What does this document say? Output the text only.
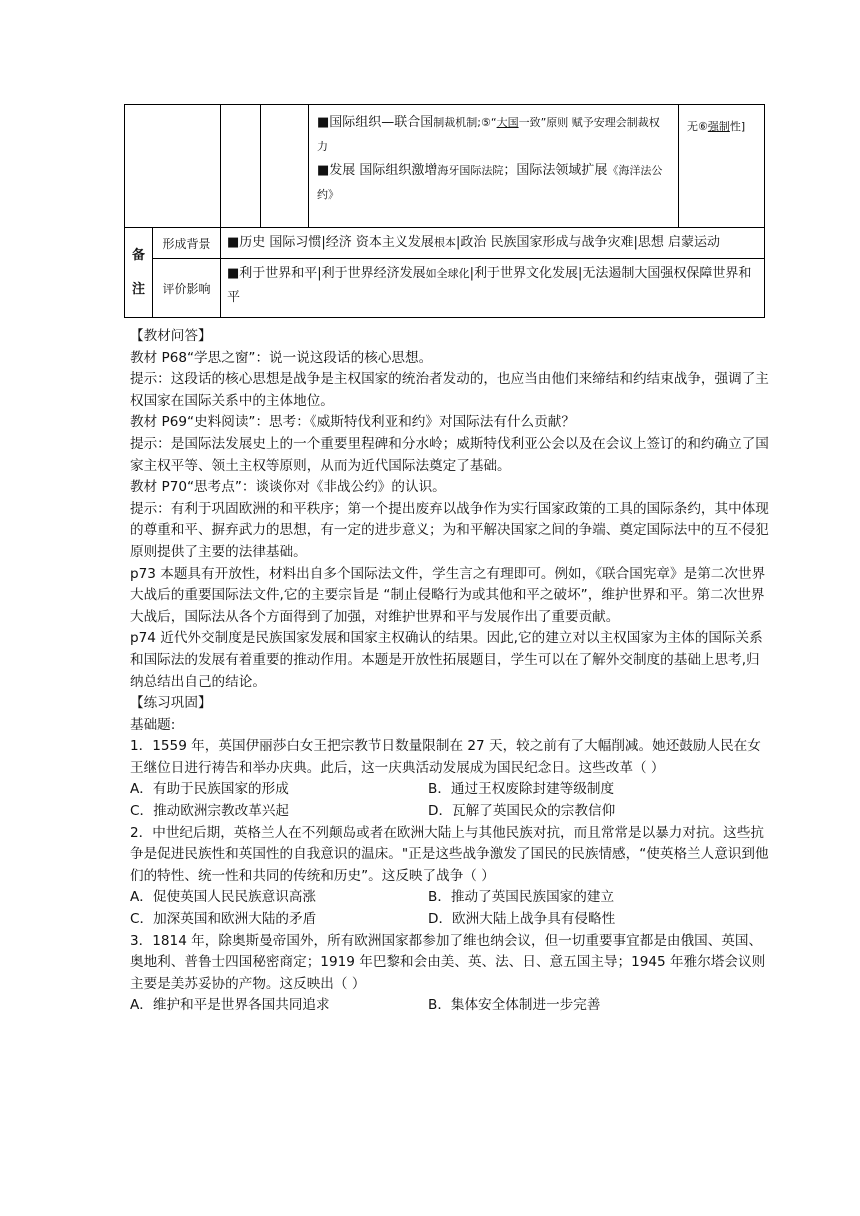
				■国际组织—联合国制裁机制;⑤“大国一致”原则 赋予安理会制裁权力
■发展 国际组织激增海牙国际法院；国际法领域扩展《海洋法公约》	无⑥强制性]

备注	形成背景	■历史 国际习惯|经济 资本主义发展根本|政治 民族国家形成与战争灾难|思想 启蒙运动			

	评价影响	■利于世界和平|利于世界经济发展如全球化|利于世界文化发展|无法遏制大国强权保障世界和平			

【教材问答】

教材 P68“学思之窗”：说一说这段话的核心思想。

提示：这段话的核心思想是战争是主权国家的统治者发动的，也应当由他们来缔结和约结束战争，强调了主权国家在国际关系中的主体地位。

教材 P69“史料阅读”：思考：《威斯特伐利亚和约》对国际法有什么贡献？

提示：是国际法发展史上的一个重要里程碑和分水岭；威斯特伐利亚公会以及在会议上签订的和约确立了国家主权平等、领土主权等原则，从而为近代国际法奠定了基础。

教材 P70“思考点”：谈谈你对《非战公约》的认识。

提示：有利于巩固欧洲的和平秩序；第一个提出废弃以战争作为实行国家政策的工具的国际条约，其中体现的尊重和平、摒弃武力的思想，有一定的进步意义；为和平解决国家之间的争端、奠定国际法中的互不侵犯原则提供了主要的法律基础。

p73 本题具有开放性，材料出自多个国际法文件，学生言之有理即可。例如，《联合国宪章》是第二次世界大战后的重要国际法文件,它的主要宗旨是 “制止侵略行为或其他和平之破坏”，维护世界和平。第二次世界大战后，国际法从各个方面得到了加强，对维护世界和平与发展作出了重要贡献。

p74 近代外交制度是民族国家发展和国家主权确认的结果。因此,它的建立对以主权国家为主体的国际关系和国际法的发展有着重要的推动作用。本题是开放性拓展题目，学生可以在了解外交制度的基础上思考,归纳总结出自己的结论。

【练习巩固】

基础题:

1．1559 年，英国伊丽莎白女王把宗教节日数量限制在 27 天，较之前有了大幅削减。她还鼓励人民在女王继位日进行祷告和举办庆典。此后，这一庆典活动发展成为国民纪念日。这些改革（ ）

A．有助于民族国家的形成	B．通过王权废除封建等级制度
C．推动欧洲宗教改革兴起	D．瓦解了英国民众的宗教信仰

2．中世纪后期，英格兰人在不列颠岛或者在欧洲大陆上与其他民族对抗，而且常常是以暴力对抗。这些抗争是促进民族性和英国性的自我意识的温床。"正是这些战争激发了国民的民族情感，“使英格兰人意识到他们的特性、统一性和共同的传统和历史”。这反映了战争（ ）

A．促使英国人民民族意识高涨	B．推动了英国民族国家的建立
C．加深英国和欧洲大陆的矛盾	D．欧洲大陆上战争具有侵略性

3．1814 年，除奥斯曼帝国外，所有欧洲国家都参加了维也纳会议，但一切重要事宜都是由俄国、英国、奥地利、普鲁士四国秘密商定；1919 年巴黎和会由美、英、法、日、意五国主导；1945 年雅尔塔会议则主要是美苏妥协的产物。这反映出（ ）

A．维护和平是世界各国共同追求	B．集体安全体制进一步完善
